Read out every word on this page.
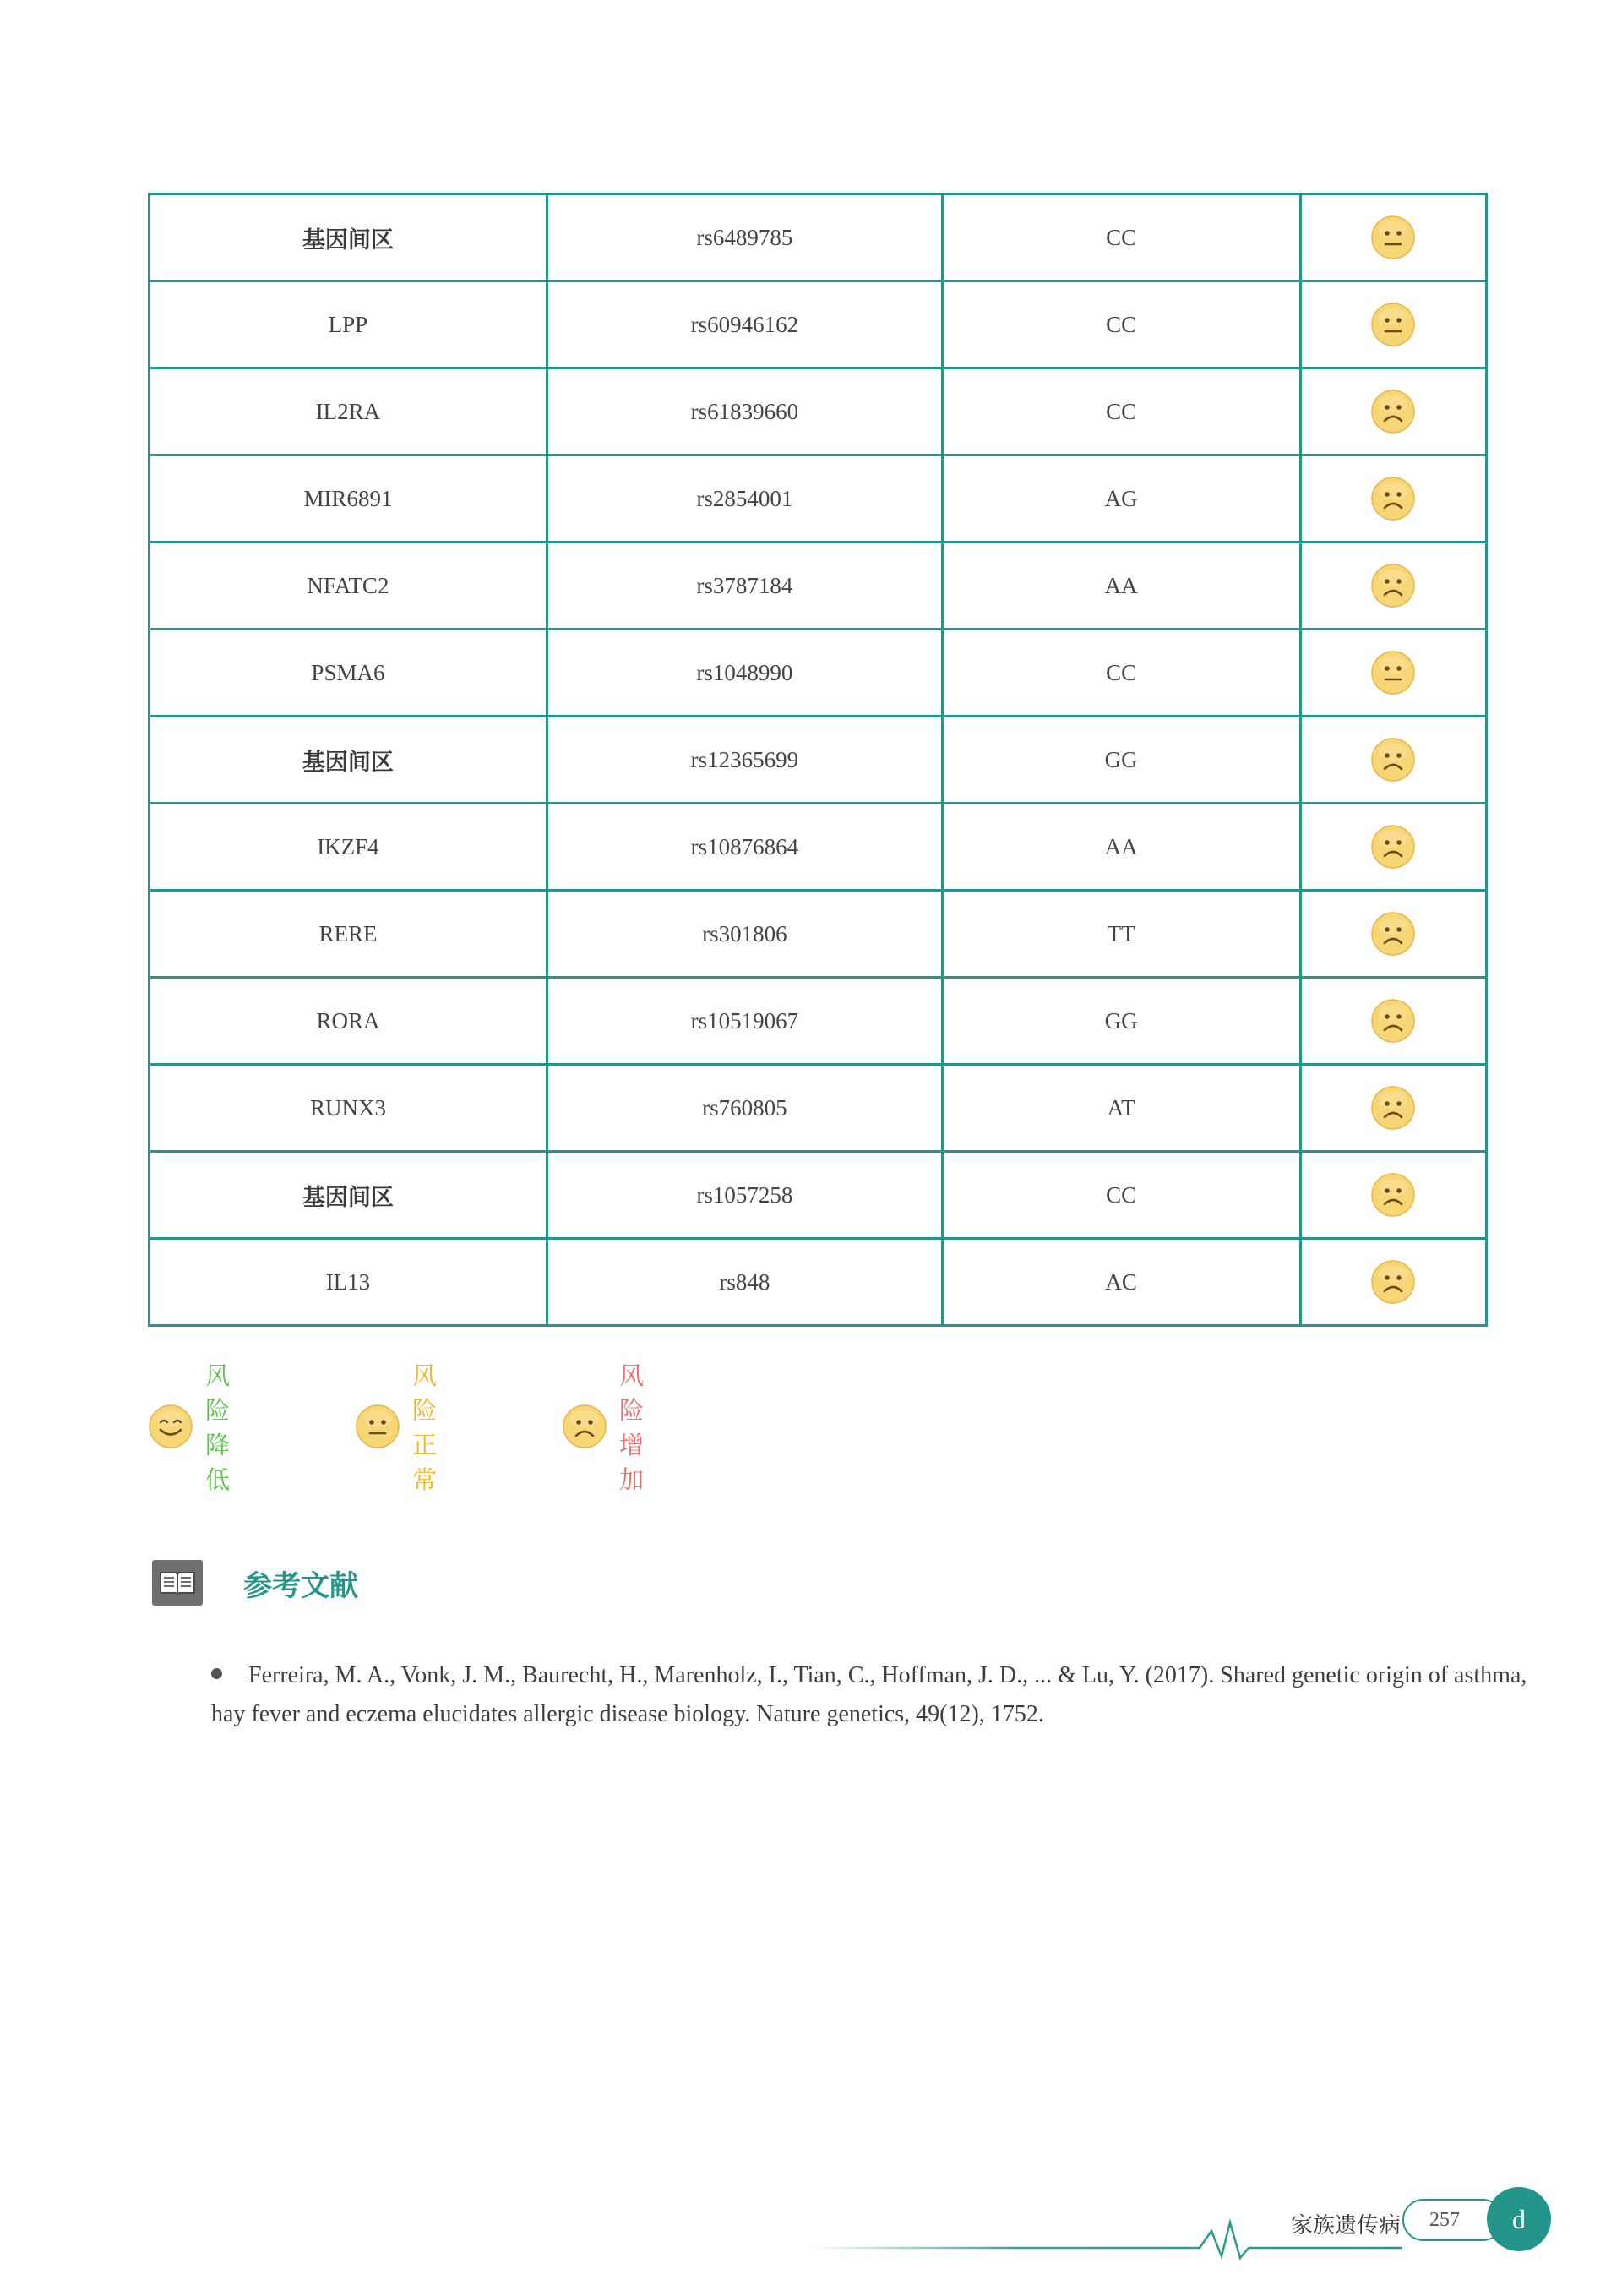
基因间区	rs6489785	CC	

LPP	rs60946162	CC	

IL2RA	rs61839660	CC	

MIR6891	rs2854001	AG	

NFATC2	rs3787184	AA	

PSMA6	rs1048990	CC	

基因间区	rs12365699	GG	

IKZF4	rs10876864	AA	

RERE	rs301806	TT	

RORA	rs10519067	GG	

RUNX3	rs760805	AT	

基因间区	rs1057258	CC	

IL13	rs848	AC	
风险降低
风险正常
风险增加
参考文献
Ferreira, M. A., Vonk, J. M., Baurecht, H., Marenholz, I., Tian, C., Hoffman, J. D., ... & Lu, Y. (2017). Shared genetic origin of asthma, hay fever and eczema elucidates allergic disease biology. Nature genetics, 49(12), 1752.
家族遗传病 257 d
